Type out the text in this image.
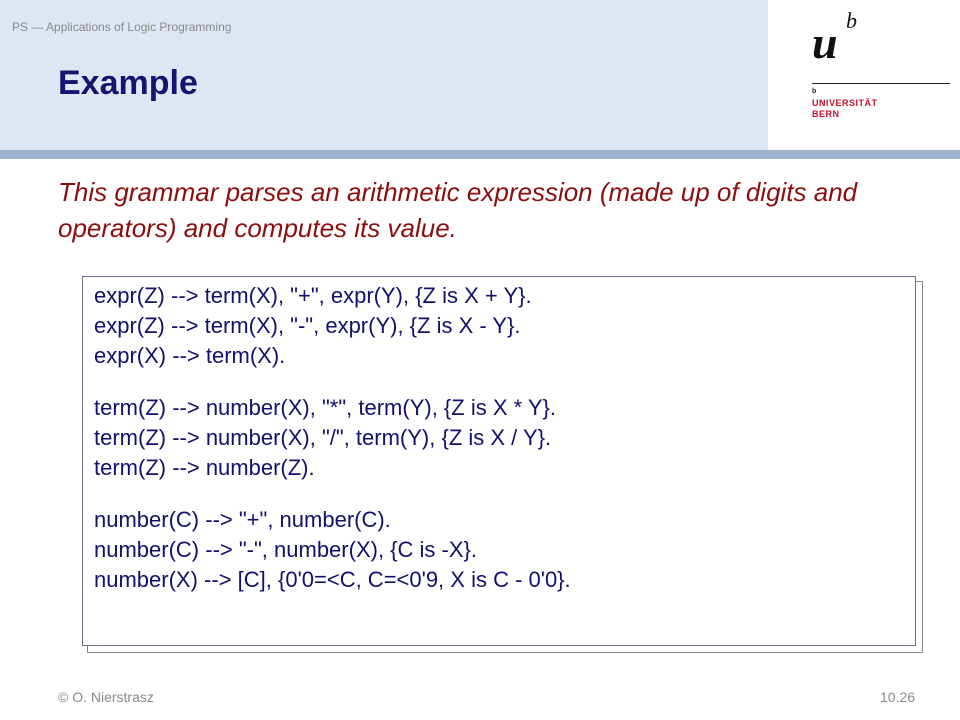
PS — Applications of Logic Programming
Example
u b
b
UNIVERSITÄT
BERN

This grammar parses an arithmetic expression (made up of digits and operators) and computes its value.

expr(Z) --> term(X), "+", expr(Y), {Z is X + Y}.
expr(Z) --> term(X), "-", expr(Y), {Z is X - Y}.
expr(X) --> term(X).
term(Z) --> number(X), "*", term(Y), {Z is X * Y}.
term(Z) --> number(X), "/", term(Y), {Z is X / Y}.
term(Z) --> number(Z).
number(C) --> "+", number(C).
number(C) --> "-", number(X), {C is -X}.
number(X) --> [C], {0'0=<C, C=<0'9, X is C - 0'0}.
© O. Nierstrasz	10.26
